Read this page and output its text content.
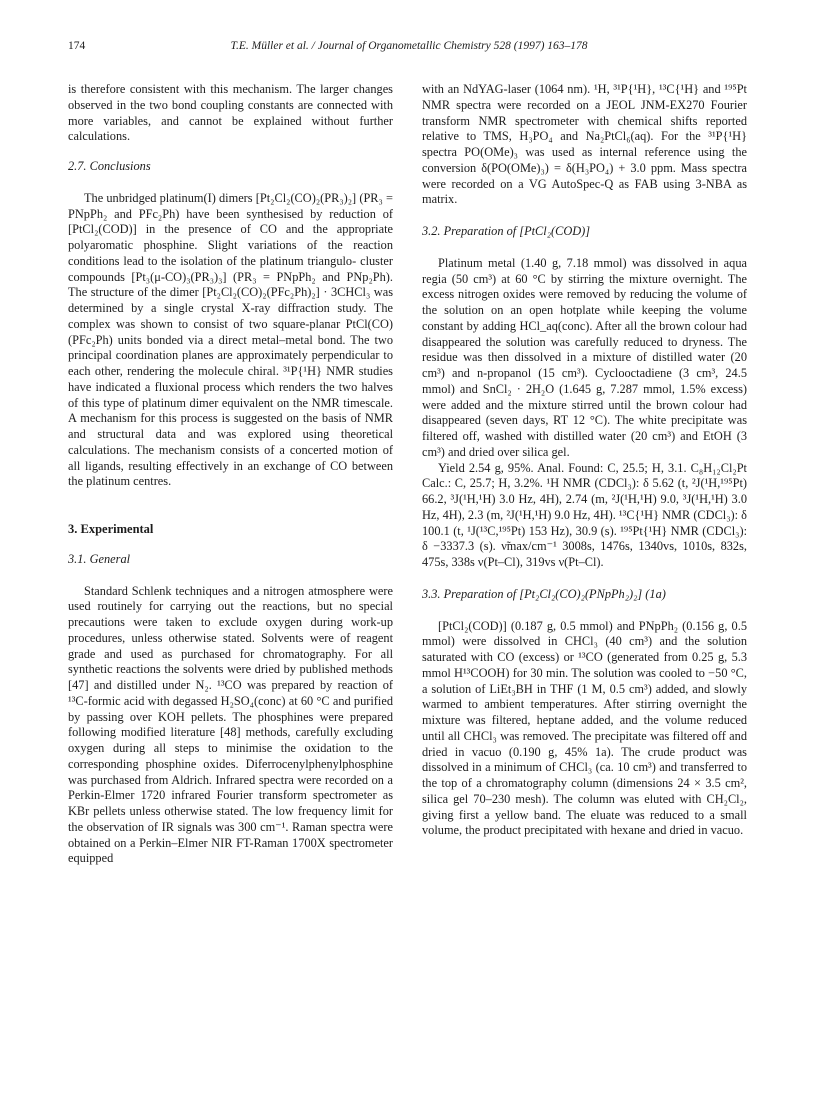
174	T.E. Müller et al. / Journal of Organometallic Chemistry 528 (1997) 163–178

is therefore consistent with this mechanism. The larger changes observed in the two bond coupling constants are connected with more variables, and cannot be explained without further calculations.

2.7. Conclusions

The unbridged platinum(I) dimers [Pt₂Cl₂(CO)₂(PR₃)₂] (PR₃ = PNpPh₂ and PFc₂Ph) have been synthesised by reduction of [PtCl₂(COD)] in the presence of CO and the appropriate polyaromatic phosphine. Slight variations of the reaction conditions lead to the isolation of the platinum triangulo- cluster compounds [Pt₃(μ-CO)₃(PR₃)₃] (PR₃ = PNpPh₂ and PNp₂Ph). The structure of the dimer [Pt₂Cl₂(CO)₂(PFc₂Ph)₂] · 3CHCl₃ was determined by a single crystal X-ray diffraction study. The complex was shown to consist of two square-planar PtCl(CO)(PFc₂Ph) units bonded via a direct metal–metal bond. The two principal coordination planes are approximately perpendicular to each other, rendering the molecule chiral. ³¹P{¹H} NMR studies have indicated a fluxional process which renders the two halves of this type of platinum dimer equivalent on the NMR timescale. A mechanism for this process is suggested on the basis of NMR and structural data and was explored using theoretical calculations. The mechanism consists of a concerted motion of all ligands, resulting effectively in an exchange of CO between the platinum centres.

3. Experimental

3.1. General

Standard Schlenk techniques and a nitrogen atmosphere were used routinely for carrying out the reactions, but no special precautions were taken to exclude oxygen during work-up procedures, unless otherwise stated. Solvents were of reagent grade and used as purchased for chromatography. For all synthetic reactions the solvents were dried by published methods [47] and distilled under N₂. ¹³CO was prepared by reaction of ¹³C-formic acid with degassed H₂SO₄(conc) at 60 °C and purified by passing over KOH pellets. The phosphines were prepared following modified literature [48] methods, carefully excluding oxygen during all steps to minimise the oxidation to the corresponding phosphine oxides. Diferrocenylphenylphosphine was purchased from Aldrich. Infrared spectra were recorded on a Perkin-Elmer 1720 infrared Fourier transform spectrometer as KBr pellets unless otherwise stated. The low frequency limit for the observation of IR signals was 300 cm⁻¹. Raman spectra were obtained on a Perkin–Elmer NIR FT-Raman 1700X spectrometer equipped

with an NdYAG-laser (1064 nm). ¹H, ³¹P{¹H}, ¹³C{¹H} and ¹⁹⁵Pt NMR spectra were recorded on a JEOL JNM-EX270 Fourier transform NMR spectrometer with chemical shifts reported relative to TMS, H₃PO₄ and Na₂PtCl₆(aq). For the ³¹P{¹H} spectra PO(OMe)₃ was used as internal reference using the conversion δ(PO(OMe)₃) = δ(H₃PO₄) + 3.0 ppm. Mass spectra were recorded on a VG AutoSpec-Q as FAB using 3-NBA as matrix.

3.2. Preparation of [PtCl₂(COD)]

Platinum metal (1.40 g, 7.18 mmol) was dissolved in aqua regia (50 cm³) at 60 °C by stirring the mixture overnight. The excess nitrogen oxides were removed by reducing the volume of the solution on an open hotplate while keeping the volume constant by adding HCl_aq(conc). After all the brown colour had disappeared the solution was carefully reduced to dryness. The residue was then dissolved in a mixture of distilled water (20 cm³) and n-propanol (15 cm³). Cyclooctadiene (3 cm³, 24.5 mmol) and SnCl₂ · 2H₂O (1.645 g, 7.287 mmol, 1.5% excess) were added and the mixture stirred until the brown colour had disappeared (seven days, RT 12 °C). The white precipitate was filtered off, washed with distilled water (20 cm³) and EtOH (3 cm³) and dried over silica gel.

Yield 2.54 g, 95%. Anal. Found: C, 25.5; H, 3.1. C₈H₁₂Cl₂Pt Calc.: C, 25.7; H, 3.2%. ¹H NMR (CDCl₃): δ 5.62 (t, ²J(¹H,¹⁹⁵Pt) 66.2, ³J(¹H,¹H) 3.0 Hz, 4H), 2.74 (m, ²J(¹H,¹H) 9.0, ³J(¹H,¹H) 3.0 Hz, 4H), 2.3 (m, ²J(¹H,¹H) 9.0 Hz, 4H). ¹³C{¹H} NMR (CDCl₃): δ 100.1 (t, ¹J(¹³C,¹⁹⁵Pt) 153 Hz), 30.9 (s). ¹⁹⁵Pt{¹H} NMR (CDCl₃): δ −3337.3 (s). ν̃max/cm⁻¹ 3008s, 1476s, 1340vs, 1010s, 832s, 475s, 338s ν(Pt–Cl), 319vs ν(Pt–Cl).

3.3. Preparation of [Pt₂Cl₂(CO)₂(PNpPh₂)₂] (1a)

[PtCl₂(COD)] (0.187 g, 0.5 mmol) and PNpPh₂ (0.156 g, 0.5 mmol) were dissolved in CHCl₃ (40 cm³) and the solution saturated with CO (excess) or ¹³CO (generated from 0.25 g, 5.3 mmol H¹³COOH) for 30 min. The solution was cooled to −50 °C, a solution of LiEt₃BH in THF (1 M, 0.5 cm³) added, and slowly warmed to ambient temperatures. After stirring overnight the mixture was filtered, heptane added, and the volume reduced until all CHCl₃ was removed. The precipitate was filtered off and dried in vacuo (0.190 g, 45% 1a). The crude product was dissolved in a minimum of CHCl₃ (ca. 10 cm³) and transferred to the top of a chromatography column (dimensions 24 × 3.5 cm², silica gel 70–230 mesh). The column was eluted with CH₂Cl₂, giving first a yellow band. The eluate was reduced to a small volume, the product precipitated with hexane and dried in vacuo.
